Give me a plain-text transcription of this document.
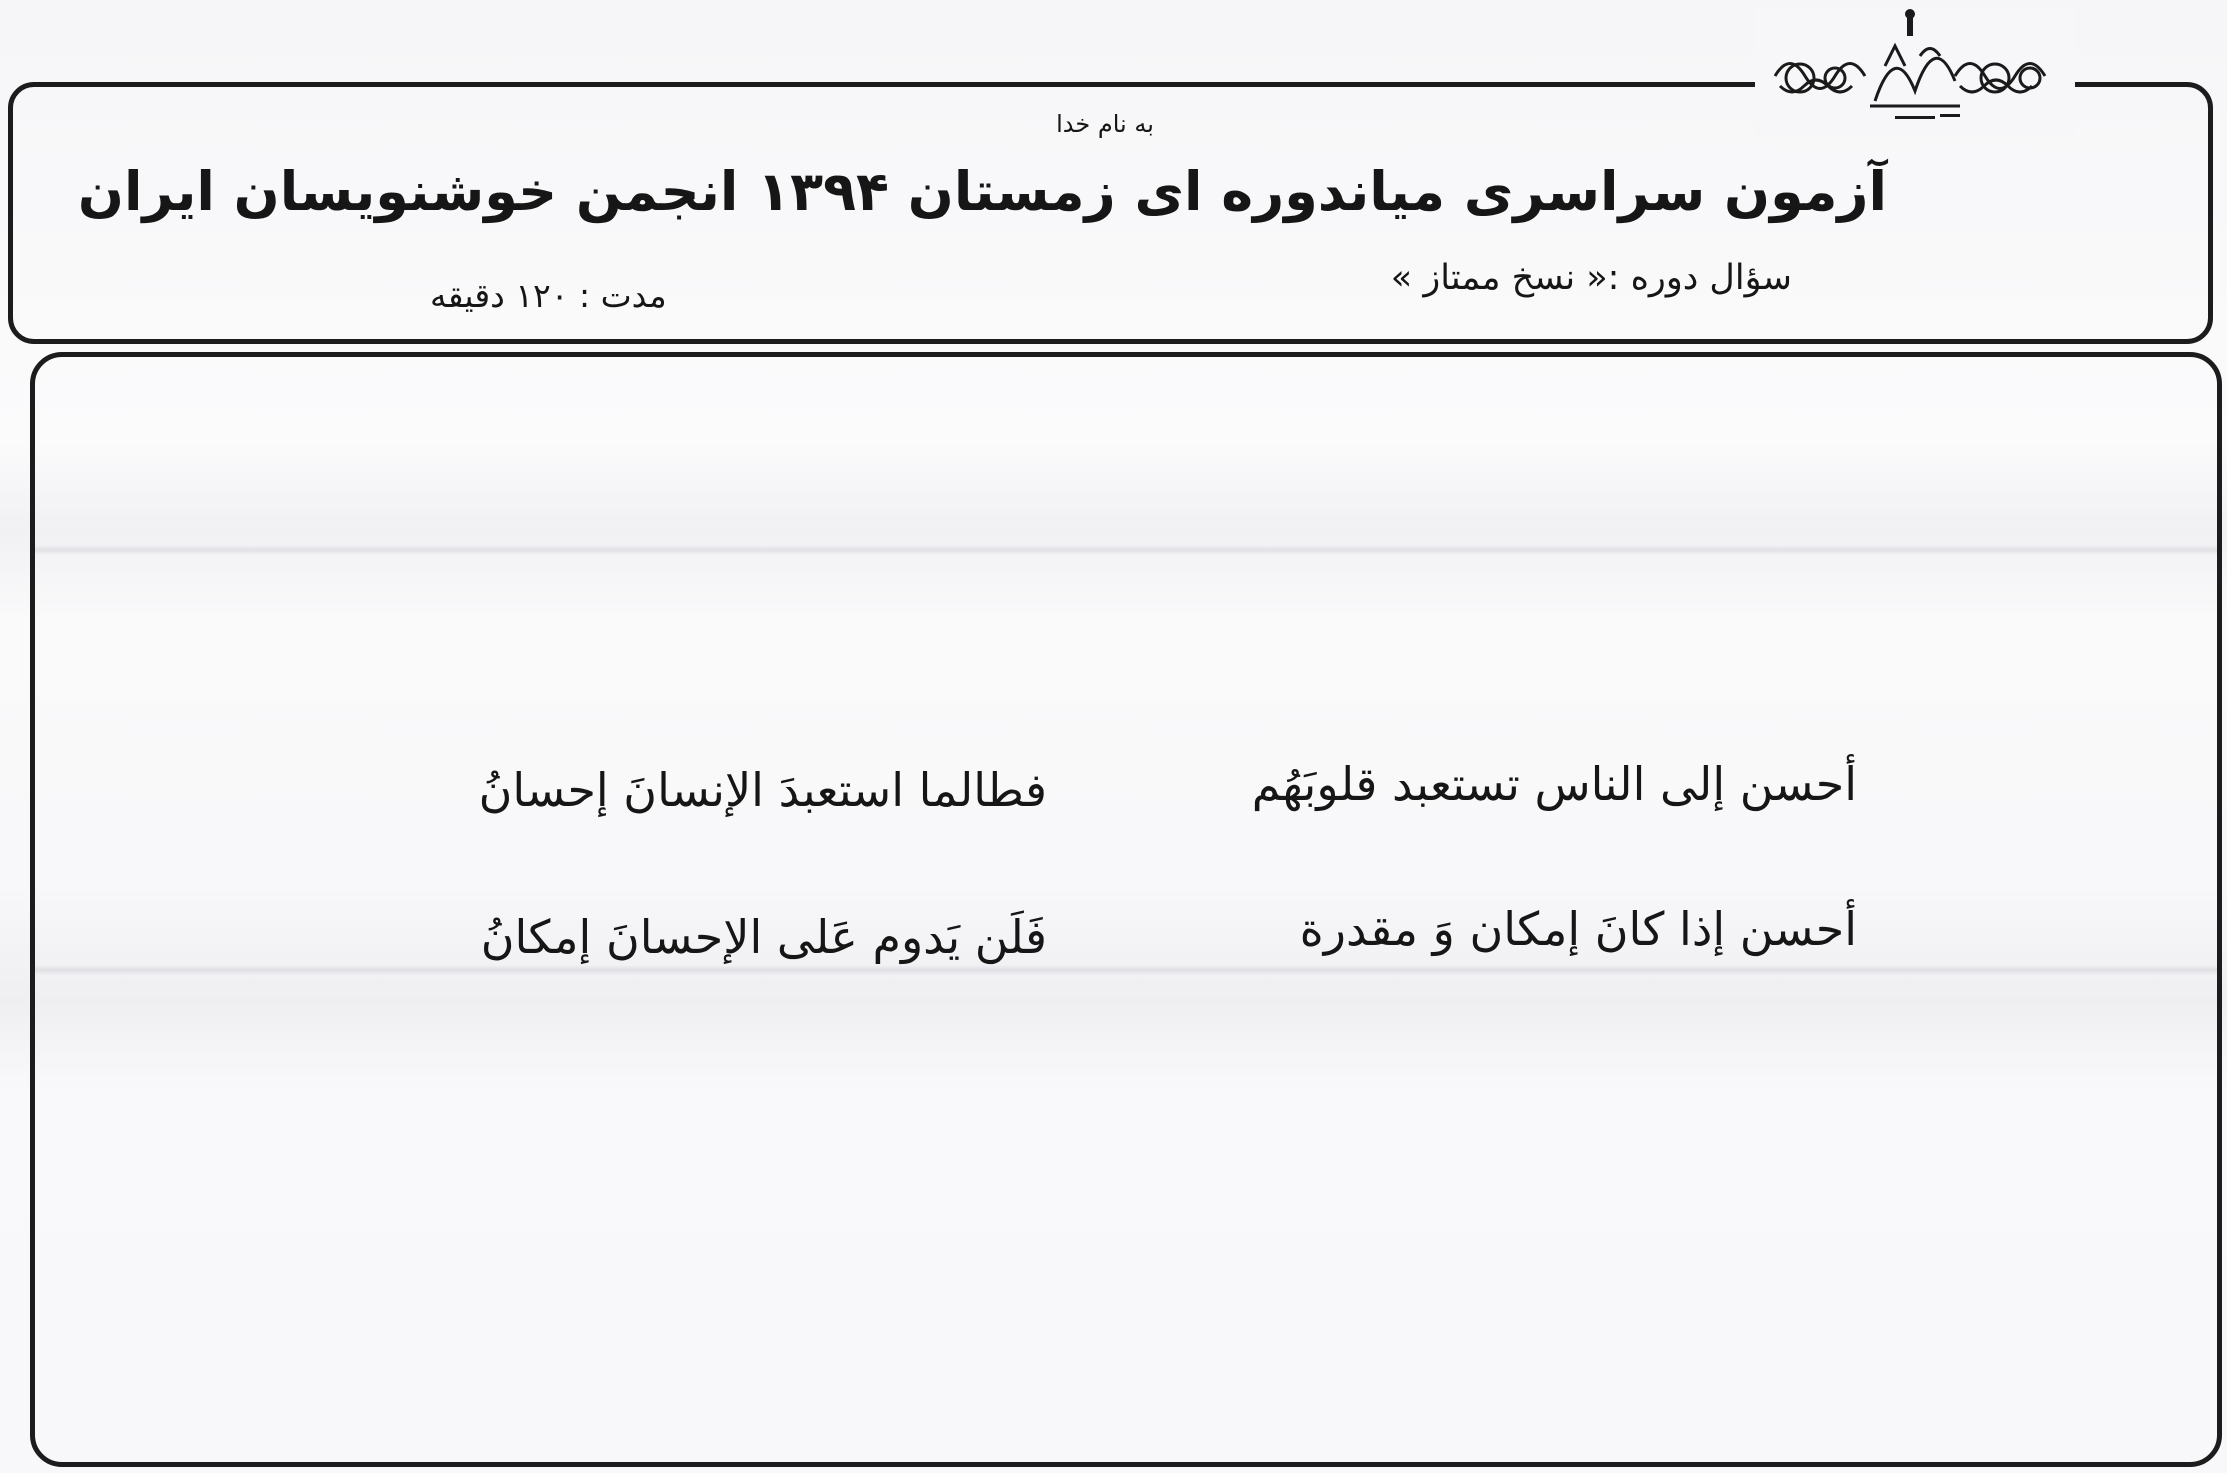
به نام خدا
آزمون سراسری میاندوره ای زمستان ۱۳۹۴ انجمن خوشنویسان ایران
سؤال دوره :« نسخ ممتاز »
مدت : ۱۲۰ دقیقه
أحسن إلى الناس تستعبد قلوبَهُم
فطالما استعبدَ الإنسانَ إحسانُ
أحسن إذا كانَ إمكان وَ مقدرة
فَلَن يَدوم عَلى الإحسانَ إمكانُ
